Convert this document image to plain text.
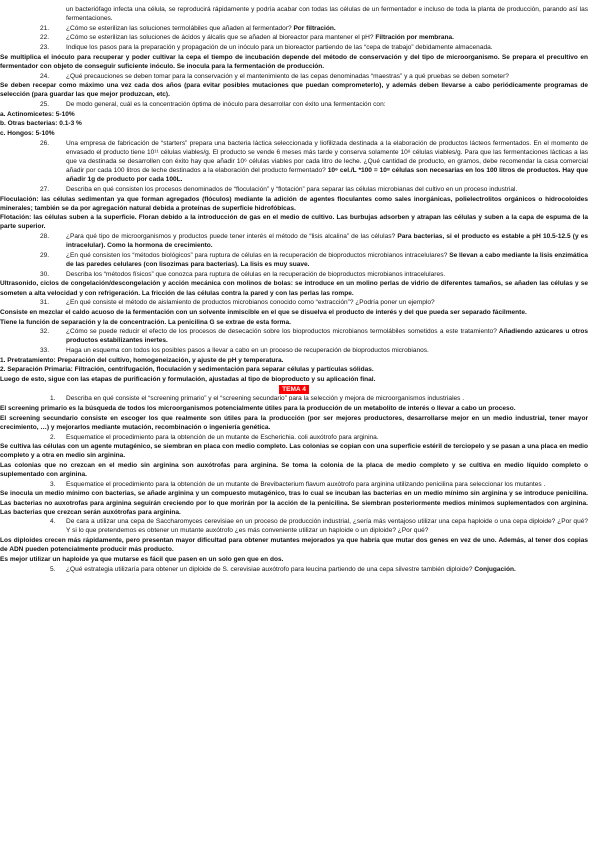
un bacteriófago infecta una célula, se reproducirá rápidamente y podría acabar con todas las células de un fermentador e incluso de toda la planta de producción, parando así las fermentaciones.

21.	¿Cómo se esterilizan las soluciones termolábiles que añaden al fermentador? Por filtración.
22.	¿Cómo se esterilizan las soluciones de ácidos y álcalis que se añaden al bioreactor para mantener el pH? Filtración por membrana.
23.	Indique los pasos para la preparación y propagación de un inóculo para un bioreactor partiendo de las “cepa de trabajo” debidamente almacenada.

Se multiplica el inóculo para recuperar y poder cultivar la cepa el tiempo de incubación depende del método de conservación y del tipo de microorganismo. Se prepara el precultivo en fermentador con objeto de conseguir suficiente inóculo. Se inocula para la fermentación de producción.

24.	¿Qué precauciones se deben tomar para la conservación y el mantenimiento de las cepas denominadas “maestras” y a qué pruebas se deben someter?

Se deben recepar como máximo una vez cada dos años (para evitar posibles mutaciones que puedan comprometerlo), y además deben llevarse a cabo periódicamente programas de selección (para guardar las que mejor produzcan, etc).

25.	De modo general, cuál es la concentración óptima de inóculo para desarrollar con éxito una fermentación con:

a. Actinomicetes: 5-10%

b. Otras bacterias: 0.1-3 %

c. Hongos: 5-10%

26.	Una empresa de fabricación de “starters” prepara una bacteria láctica seleccionada y liofilizada destinada a la elaboración de productos lácteos fermentados. En el momento de envasado el producto tiene 10¹¹ células viables/g. El producto se vende 6 meses más tarde y conserva solamente 10⁸ células viables/g. Para que las fermentaciones lácticas a las que va destinada se desarrollen con éxito hay que añadir 10⁶ células viables por cada litro de leche. ¿Qué cantidad de producto, en gramos, debe recomendar la casa comercial añadir por cada 100 litros de leche destinados a la elaboración del producto fermentado? 10⁶ cel./L *100 = 10⁸ células son necesarias en los 100 litros de productos. Hay que añadir 1g de producto por cada 100L.
27.	Describa en qué consisten los procesos denominados de “floculación” y “flotación” para separar las células microbianas del cultivo en un proceso industrial.

Floculación: las células sedimentan ya que forman agregados (flóculos) mediante la adición de agentes floculantes como sales inorgánicas, polielectrolitos orgánicos o hidrocoloides minerales; también se da por agregación natural debida a proteínas de superficie hidrofóbicas.

Flotación: las células suben a la superficie. Floran debido a la introducción de gas en el medio de cultivo. Las burbujas adsorben y atrapan las células y suben a la capa de espuma de la parte superior.

28.	¿Para qué tipo de microorganismos y productos puede tener interés el método de “lisis alcalina” de las células? Para bacterias, si el producto es estable a pH 10.5-12.5 (y es intracelular). Como la hormona de crecimiento.
29.	¿En qué consisten los “métodos biológicos” para ruptura de células en la recuperación de bioproductos microbianos intracelulares? Se llevan a cabo mediante la lisis enzimática de las paredes celulares (con lisozimas para bacterias). La lisis es muy suave.
30.	Describa los “métodos físicos” que conozca para ruptura de células en la recuperación de bioproductos microbianos intracelulares.

Ultrasonido, ciclos de congelación/descongelación y acción mecánica con molinos de bolas: se introduce en un molino perlas de vidrio de diferentes tamaños, se añaden las células y se someten a alta velocidad y con refrigeración. La fricción de las células contra la pared y con las perlas las rompe.

31.	¿En qué consiste el método de aislamiento de productos microbianos conocido como “extracción”? ¿Podría poner un ejemplo?

Consiste en mezclar el caldo acuoso de la fermentación con un solvente inmiscible en el que se disuelva el producto de interés y del que pueda ser separado fácilmente.

Tiene la función de separación y la de concentración. La penicilina G se extrae de esta forma.

32.	¿Cómo se puede reducir el efecto de los procesos de desecación sobre los bioproductos microbianos termolábiles sometidos a este tratamiento? Añadiendo azúcares u otros productos estabilizantes inertes.
33.	Haga un esquema con todos los posibles pasos a llevar a cabo en un proceso de recuperación de bioproductos microbianos.

1. Pretratamiento: Preparación del cultivo, homogeneización, y ajuste de pH y temperatura.

2. Separación Primaria: Filtración, centrifugación, floculación y sedimentación para separar células y partículas sólidas.

Luego de esto, sigue con las etapas de purificación y formulación, ajustadas al tipo de bioproducto y su aplicación final.

TEMA 4
1.	Describa en qué consiste el “screening primario” y el “screening secundario” para la selección y mejora de microorganismos industriales .

El screening primario es la búsqueda de todos los microorganismos potencialmente útiles para la producción de un metabolito de interés o llevar a cabo un proceso.

El screening secundario consiste en escoger los que realmente son útiles para la producción (por ser mejores productores, desarrollarse mejor en un medio industrial, tener mayor crecimiento, …) y mejorarlos mediante mutación, recombinación o ingeniería genética.

2.	Esquematice el procedimiento para la obtención de un mutante de Escherichia. coli auxótrofo para arginina.

Se cultiva las células con un agente mutagénico, se siembran en placa con medio completo. Las colonias se copian con una superficie estéril de terciopelo y se pasan a una placa en medio completo y a otra en medio sin arginina.

Las colonias que no crezcan en el medio sin arginina son auxótrofas para arginina. Se toma la colonia de la placa de medio completo y se cultiva en medio líquido completo o suplementado con arginina.

3.	Esquematice el procedimiento para la obtención de un mutante de Brevibacterium flavum auxótrofo para arginina utilizando penicilina para seleccionar los mutantes .

Se inocula un medio mínimo con bacterias, se añade arginina y un compuesto mutagénico, tras lo cual se incuban las bacterias en un medio mínimo sin arginina y se introduce penicilina. Las bacterias no auxotrofas para arginina seguirán creciendo por lo que morirán por la acción de la penicilina. Se siembran posteriormente medios mínimos suplementados con arginina. Las bacterias que crezcan serán auxótrofas para arginina.

4.	De cara a utilizar una cepa de Saccharomyces cerevisiae en un proceso de producción industrial, ¿sería más ventajoso utilizar una cepa haploide o una cepa diploide? ¿Por qué? Y si lo que pretendemos es obtener un mutante auxótrofo ¿es más conveniente utilizar un haploide o un diploide? ¿Por qué?

Los diploides crecen más rápidamente, pero presentan mayor dificultad para obtener mutantes mejorados ya que habría que mutar dos genes en vez de uno. Además, al tener dos copias de ADN pueden potencialmente producir más producto.

Es mejor utilizar un haploide ya que mutarse es fácil que pasen en un solo gen que en dos.

5.	¿Qué estrategia utilizaría para obtener un diploide de S. cerevisiae auxótrofo para leucina partiendo de una cepa silvestre también diploide? Conjugación.
